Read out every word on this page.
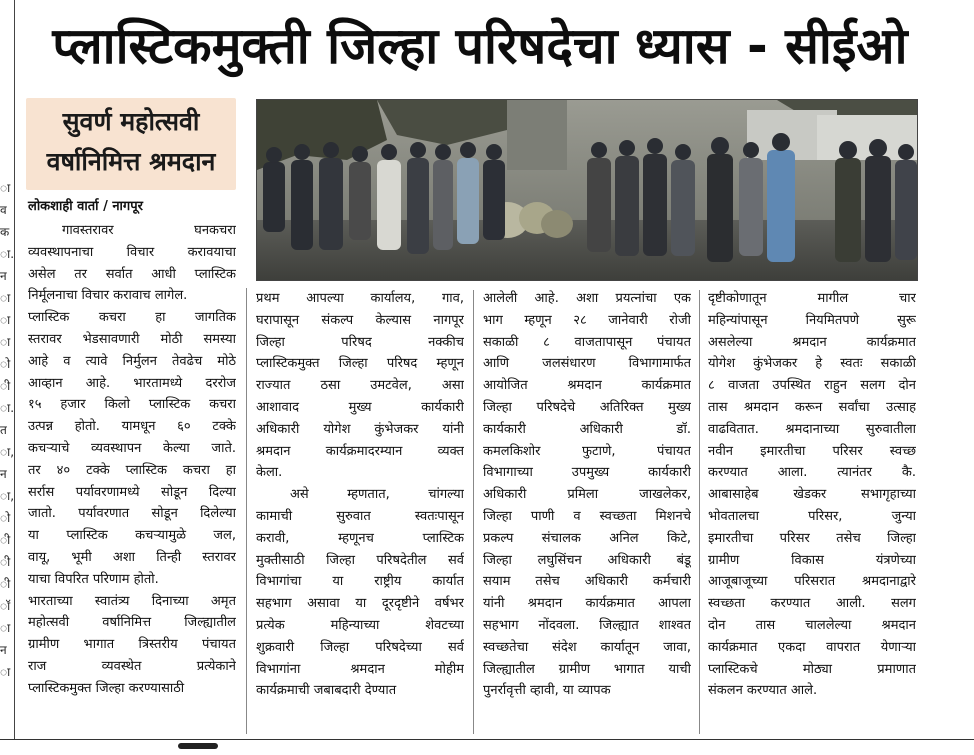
ा
व
क
ा.
न
ा
ा
ा
ो
ी
ा.
त
ा,
न
ा,
ो
ी
ी
ी
ॉ
ा
न
ा
प्लास्टिकमुक्ती जिल्हा परिषदेचा ध्यास - सीईओ
सुवर्ण महोत्सवी
वर्षानिमित्त श्रमदान
लोकशाही वार्ता / नागपूर
गावस्तरावर घनकचरा
व्यवस्थापनाचा विचार करावयाचा
असेल तर सर्वात आधी प्लास्टिक
निर्मूलनाचा विचार करावाच लागेल.
प्लास्टिक कचरा हा जागतिक
स्तरावर भेडसावणारी मोठी समस्या
आहे व त्यावे निर्मुलन तेवढेच मोठे
आव्हान आहे. भारतामध्ये दररोज
१५ हजार किलो प्लास्टिक कचरा
उत्पन्न होतो. यामधून ६० टक्के
कचऱ्याचे व्यवस्थापन केल्या जाते.
तर ४० टक्के प्लास्टिक कचरा हा
सर्रास पर्यावरणामध्ये सोडून दिल्या
जातो. पर्यावरणात सोडून दिलेल्या
या प्लास्टिक कचऱ्यामुळे जल,
वायू, भूमी अशा तिन्ही स्तरावर
याचा विपरित परिणाम होतो.
भारताच्या स्वातंत्र्य दिनाच्या अमृत
महोत्सवी वर्षानिमित्त जिल्ह्यातील
ग्रामीण भागात त्रिस्तरीय पंचायत
राज व्यवस्थेत प्रत्येकाने
प्लास्टिकमुक्त जिल्हा करण्यासाठी
प्रथम आपल्या कार्यालय, गाव,
घरापासून संकल्प केल्यास नागपूर
जिल्हा परिषद नक्कीच
प्लास्टिकमुक्त जिल्हा परिषद म्हणून
राज्यात ठसा उमटवेल, असा
आशावाद मुख्य कार्यकारी
अधिकारी योगेश कुंभेजकर यांनी
श्रमदान कार्यक्रमादरम्यान व्यक्त
केला.
असे म्हणतात, चांगल्या
कामाची सुरुवात स्वतःपासून
करावी, म्हणूनच प्लास्टिक
मुक्तीसाठी जिल्हा परिषदेतील सर्व
विभागांचा या राष्ट्रीय कार्यात
सहभाग असावा या दूरदृष्टीने वर्षभर
प्रत्येक महिन्याच्या शेवटच्या
शुक्रवारी जिल्हा परिषदेच्या सर्व
विभागांना श्रमदान मोहीम
कार्यक्रमाची जबाबदारी देण्यात
आलेली आहे. अशा प्रयत्नांचा एक
भाग म्हणून २८ जानेवारी रोजी
सकाळी ८ वाजतापासून पंचायत
आणि जलसंधारण विभागामार्फत
आयोजित श्रमदान कार्यक्रमात
जिल्हा परिषदेचे अतिरिक्त मुख्य
कार्यकारी अधिकारी डॉ.
कमलकिशोर फुटाणे, पंचायत
विभागाच्या उपमुख्य कार्यकारी
अधिकारी प्रमिला जाखलेकर,
जिल्हा पाणी व स्वच्छता मिशनचे
प्रकल्प संचालक अनिल किटे,
जिल्हा लघुसिंचन अधिकारी बंडू
सयाम तसेच अधिकारी कर्मचारी
यांनी श्रमदान कार्यक्रमात आपला
सहभाग नोंदवला. जिल्ह्यात शाश्वत
स्वच्छतेचा संदेश कार्यातून जावा,
जिल्ह्यातील ग्रामीण भागात याची
पुनर्रावृत्ती व्हावी, या व्यापक
दृष्टीकोणातून मागील चार
महिन्यांपासून नियमितपणे सुरू
असलेल्या श्रमदान कार्यक्रमात
योगेश कुंभेजकर हे स्वतः सकाळी
८ वाजता उपस्थित राहुन सलग दोन
तास श्रमदान करून सर्वांचा उत्साह
वाढवितात. श्रमदानाच्या सुरुवातीला
नवीन इमारतीचा परिसर स्वच्छ
करण्यात आला. त्यानंतर कै.
आबासाहेब खेडकर सभागृहाच्या
भोवतालचा परिसर, जुन्या
इमारतीचा परिसर तसेच जिल्हा
ग्रामीण विकास यंत्रणेच्या
आजूबाजूच्या परिसरात श्रमदानाद्वारे
स्वच्छता करण्यात आली. सलग
दोन तास चाललेल्या श्रमदान
कार्यक्रमात एकदा वापरात येणाऱ्या
प्लास्टिकचे मोठ्या प्रमाणात
संकलन करण्यात आले.
